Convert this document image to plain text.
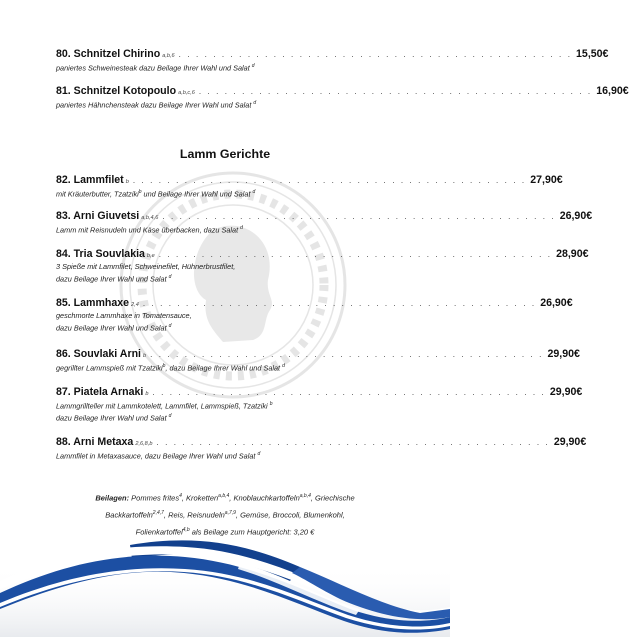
80. Schnitzel Chirino a,b,6 . . . . . . . . . . . . . . . . . . . . . . . . . . . . . . . . . . . . . . . . . . . . . . 15,50€
paniertes Schweinesteak dazu Beilage Ihrer Wahl und Salat $^d$
81. Schnitzel Kotopoulo a,b,c,6 . . . . . . . . . . . . . . . . . . . . . . . . . . . . . . . . . . . . . . . . . . . . . . 16,90€
paniertes Hähnchensteak dazu Beilage Ihrer Wahl und Salat $^d$
Lamm Gerichte
82. Lammfilet b . . . . . . . . . . . . . . . . . . . . . . . . . . . . . . . . . . . . . . . . . . . . . . 27,90€
mit Kräuterbutter, Tzatziki$^b$ und Beilage Ihrer Wahl und Salat $^d$
83. Arni Giuvetsi a,b,4,6 . . . . . . . . . . . . . . . . . . . . . . . . . . . . . . . . . . . . . . . . . . . . . . 26,90€
Lamm mit Reisnudeln und Käse überbacken, dazu Salat $^d$
84. Tria Souvlakia b,e . . . . . . . . . . . . . . . . . . . . . . . . . . . . . . . . . . . . . . . . . . . . . . 28,90€
3 Spieße mit Lammfilet, Schweinefilet, Hühnerbrustfilet,
dazu Beilage Ihrer Wahl und Salat $^d$
85. Lammhaxe 2,4 . . . . . . . . . . . . . . . . . . . . . . . . . . . . . . . . . . . . . . . . . . . . . . 26,90€
geschmorte Lammhaxe in Tomatensauce,
dazu Beilage Ihrer Wahl und Salat $^d$
86. Souvlaki Arni b . . . . . . . . . . . . . . . . . . . . . . . . . . . . . . . . . . . . . . . . . . . . . . 29,90€
gegrillter Lammspieß mit Tzatziki$^b$, dazu Beilage Ihrer Wahl und Salat $^d$
87. Piatela Arnaki b . . . . . . . . . . . . . . . . . . . . . . . . . . . . . . . . . . . . . . . . . . . . . . 29,90€
Lammgrillteller mit Lammkotelett, Lammfilet, Lammspieß, Tzatziki $^b$
dazu Beilage Ihrer Wahl und Salat $^d$
88. Arni Metaxa 2,6,8,b . . . . . . . . . . . . . . . . . . . . . . . . . . . . . . . . . . . . . . . . . . . . . . 29,90€
Lammfilet in Metaxasauce, dazu Beilage Ihrer Wahl und Salat $^d$
Beilagen: Pommes frites$^4$, Kroketten$^{a,b,4}$, Knoblauchkartoffeln$^{a,b,4}$, Griechische
Backkartoffeln$^{2,4,7}$, Reis, Reisnudeln$^{a,7,9}$, Gemüse, Broccoli, Blumenkohl,
Folienkartoffel$^{4,b}$ als Beilage zum Hauptgericht: 3,20 €
